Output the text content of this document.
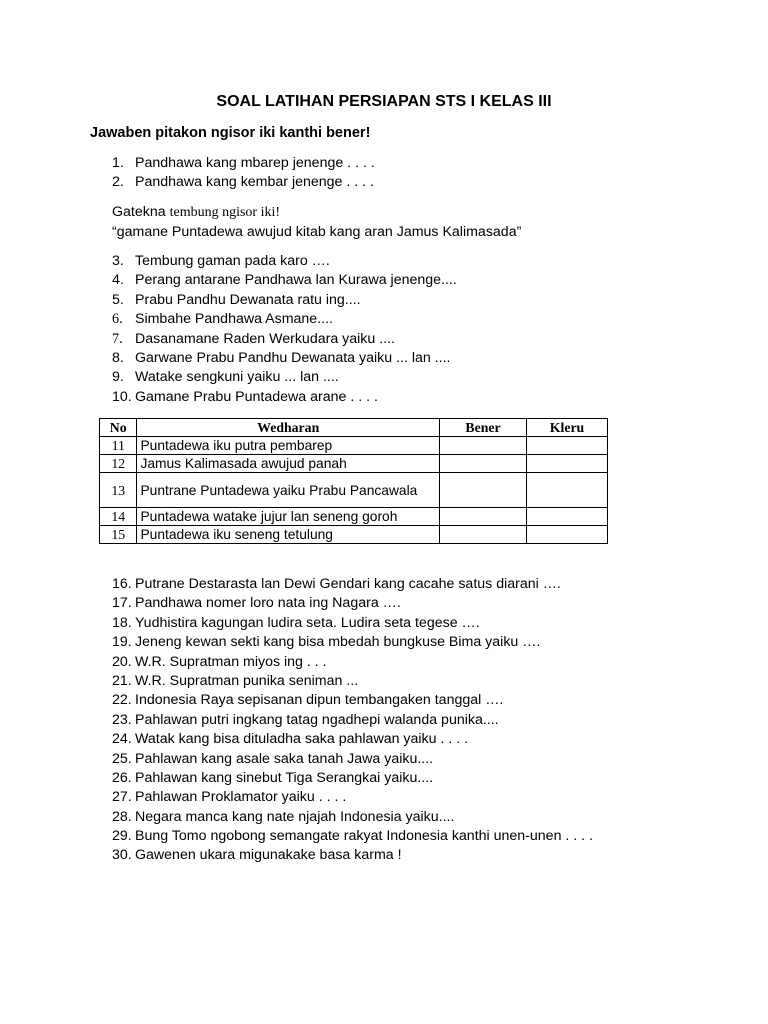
SOAL LATIHAN PERSIAPAN STS I KELAS III
Jawaben pitakon ngisor iki kanthi bener!
1. Pandhawa kang mbarep jenenge . . . .
2. Pandhawa kang kembar jenenge . . . .
Gatekna tembung ngisor iki!
“gamane Puntadewa awujud kitab kang aran Jamus Kalimasada”
3. Tembung gaman pada karo ….
4. Perang antarane Pandhawa lan Kurawa jenenge....
5. Prabu Pandhu Dewanata ratu ing....
6. Simbahe Pandhawa Asmane....
7. Dasanamane Raden Werkudara yaiku ....
8. Garwane Prabu Pandhu Dewanata yaiku ... lan ....
9. Watake sengkuni yaiku ... lan ....
10. Gamane Prabu Puntadewa arane . . . .
No	Wedharan	Bener	Kleru
11	Puntadewa iku putra pembarep		
12	Jamus Kalimasada awujud panah		
13	Puntrane Puntadewa yaiku Prabu Pancawala		
14	Puntadewa watake jujur lan seneng goroh		
15	Puntadewa iku seneng tetulung		
16. Putrane Destarasta lan Dewi Gendari kang cacahe satus diarani ….
17. Pandhawa nomer loro nata ing Nagara ….
18. Yudhistira kagungan ludira seta. Ludira seta tegese ….
19. Jeneng kewan sekti kang bisa mbedah bungkuse Bima yaiku ….
20. W.R. Supratman miyos ing . . .
21. W.R. Supratman punika seniman ...
22. Indonesia Raya sepisanan dipun tembangaken tanggal ….
23. Pahlawan putri ingkang tatag ngadhepi walanda punika....
24. Watak kang bisa dituladha saka pahlawan yaiku . . . .
25. Pahlawan kang asale saka tanah Jawa yaiku....
26. Pahlawan kang sinebut Tiga Serangkai yaiku....
27. Pahlawan Proklamator yaiku . . . .
28. Negara manca kang nate njajah Indonesia yaiku....
29. Bung Tomo ngobong semangate rakyat Indonesia kanthi unen-unen . . . .
30. Gawenen ukara migunakake basa karma !
